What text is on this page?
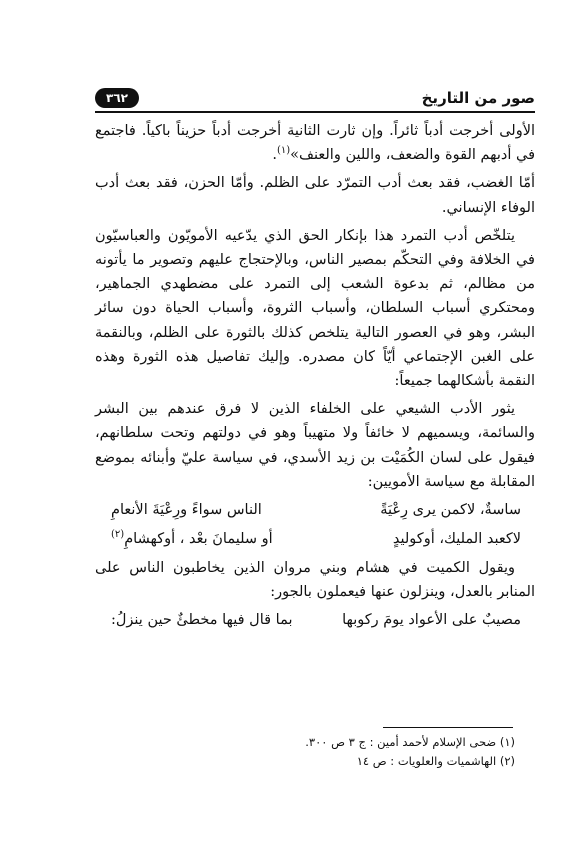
صور من التاريخ
٣٦٢

الأولى أخرجت أدباً ثائراً. وإن ثارت الثانية أخرجت أدباً حزيناً باكياً. فاجتمع في أدبهم القوة والضعف، واللين والعنف»$^{(١)}$.

أمّا الغضب، فقد بعث أدب التمرّد على الظلم. وأمّا الحزن، فقد بعث أدب الوفاء الإنساني.

يتلخّص أدب التمرد هذا بإنكار الحق الذي يدّعيه الأمويّون والعباسيّون في الخلافة وفي التحكّم بمصير الناس، وبالإحتجاج عليهم وتصوير ما يأتونه من مظالم، ثم بدعوة الشعب إلى التمرد على مضطهدي الجماهير، ومحتكري أسباب السلطان، وأسباب الثروة، وأسباب الحياة دون سائر البشر، وهو في العصور التالية يتلخص كذلك بالثورة على الظلم، وبالنقمة على الغبن الإجتماعي أيّاً كان مصدره. وإليك تفاصيل هذه الثورة وهذه النقمة بأشكالهما جميعاً:

يثور الأدب الشيعي على الخلفاء الذين لا فرق عندهم بين البشر والسائمة، ويسميهم لا خائفاً ولا متهيباً وهو في دولتهم وتحت سلطانهم، فيقول على لسان الكُمَيْت بن زيد الأسدي، في سياسة عليّ وأبنائه بموضع المقابلة مع سياسة الأمويين:

ساسةٌ، لاكمن يرى رِعْيَةً
الناس سواءً ورِعْيَةَ الأنعامِ
لاكعبد المليك، أوكوليدٍ
أو سليمانَ بعْد ، أوكهشامِ$^{(٢)}$

ويقول الكميت في هشام وبني مروان الذين يخاطبون الناس على المنابر بالعدل، وينزلون عنها فيعملون بالجور:

مصيبٌ على الأعواد يومَ ركوبها
بما قال فيها مخطئٌ حين ينزلُ:
(١) ضحى الإسلام لأحمد أمين : ج ٣ ص ٣٠٠.
(٢) الهاشميات والعلويات : ص ١٤
